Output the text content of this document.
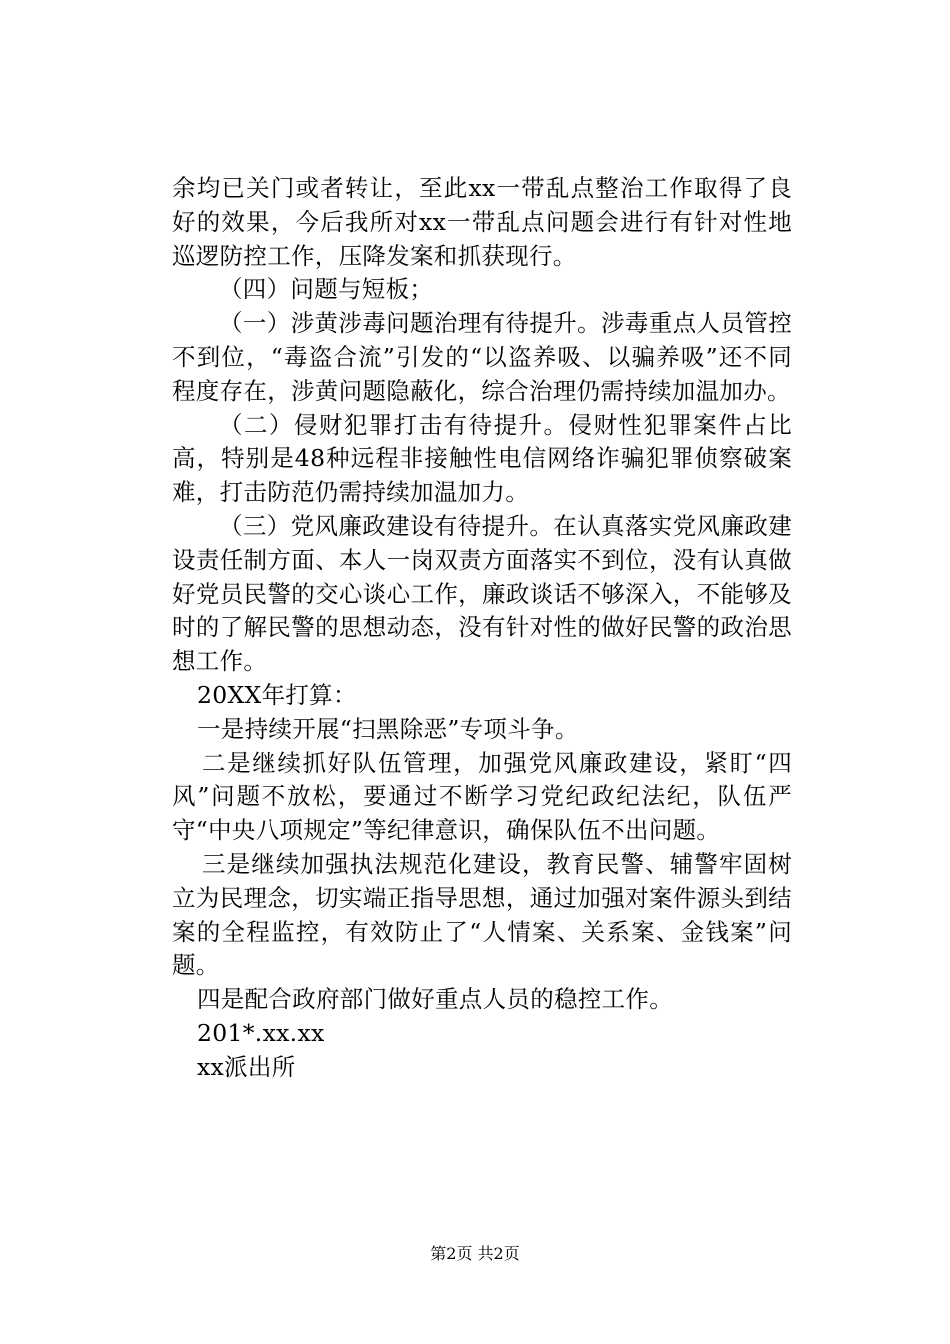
余均已关门或者转让，至此xx一带乱点整治工作取得了良好的效果，今后我所对xx一带乱点问题会进行有针对性地巡逻防控工作，压降发案和抓获现行。

（四）问题与短板；

（一）涉黄涉毒问题治理有待提升。涉毒重点人员管控不到位，“毒盗合流”引发的“以盗养吸、以骗养吸”还不同程度存在，涉黄问题隐蔽化，综合治理仍需持续加温加办。

（二）侵财犯罪打击有待提升。侵财性犯罪案件占比高，特别是48种远程非接触性电信网络诈骗犯罪侦察破案难，打击防范仍需持续加温加力。

（三）党风廉政建设有待提升。在认真落实党风廉政建设责任制方面、本人一岗双责方面落实不到位，没有认真做好党员民警的交心谈心工作，廉政谈话不够深入，不能够及时的了解民警的思想动态，没有针对性的做好民警的政治思想工作。

20XX年打算：

一是持续开展“扫黑除恶”专项斗争。

二是继续抓好队伍管理，加强党风廉政建设，紧盯“四风”问题不放松，要通过不断学习党纪政纪法纪，队伍严守“中央八项规定”等纪律意识，确保队伍不出问题。

三是继续加强执法规范化建设，教育民警、辅警牢固树立为民理念，切实端正指导思想，通过加强对案件源头到结案的全程监控，有效防止了“人情案、关系案、金钱案”问题。

四是配合政府部门做好重点人员的稳控工作。

201*.xx.xx

xx派出所

第2页 共2页
